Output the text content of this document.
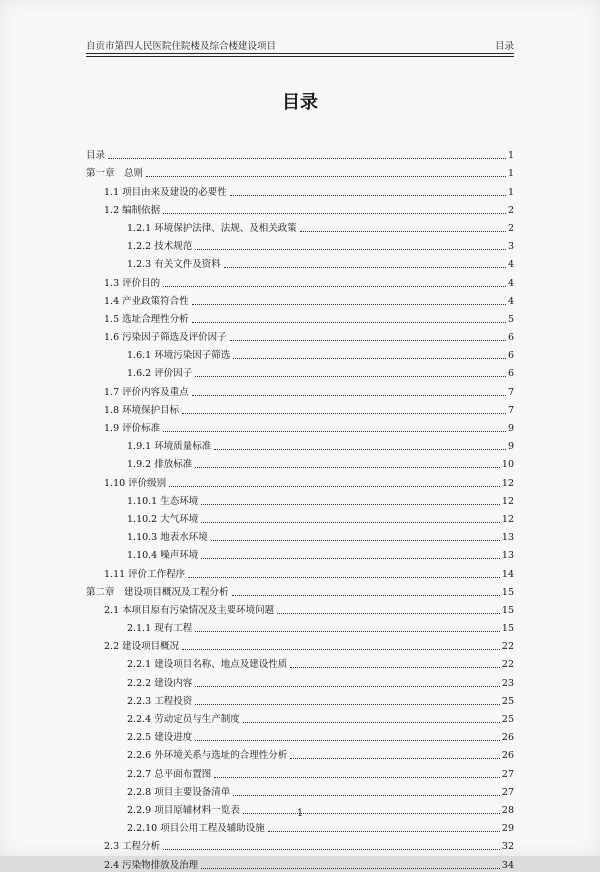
自贡市第四人民医院住院楼及综合楼建设项目	目录
目录
目录	1
第一章　总则	1
1.1 项目由来及建设的必要性	1
1.2 编制依据	2
1.2.1 环境保护法律、法规、及相关政策	2
1.2.2 技术规范	3
1.2.3 有关文件及资料	4
1.3 评价目的	4
1.4 产业政策符合性	4
1.5 选址合理性分析	5
1.6 污染因子筛选及评价因子	6
1.6.1 环境污染因子筛选	6
1.6.2 评价因子	6
1.7 评价内容及重点	7
1.8 环境保护目标	7
1.9 评价标准	9
1.9.1 环境质量标准	9
1.9.2 排放标准	10
1.10 评价级别	12
1.10.1 生态环境	12
1.10.2 大气环境	12
1.10.3 地表水环境	13
1.10.4 噪声环境	13
1.11 评价工作程序	14
第二章　建设项目概况及工程分析	15
2.1 本项目原有污染情况及主要环境问题	15
2.1.1 现有工程	15
2.2 建设项目概况	22
2.2.1 建设项目名称、地点及建设性质	22
2.2.2 建设内容	23
2.2.3 工程投资	25
2.2.4 劳动定员与生产制度	25
2.2.5 建设进度	26
2.2.6 外环境关系与选址的合理性分析	26
2.2.7 总平面布置图	27
2.2.8 项目主要设备清单	27
2.2.9 项目原辅材料一览表	28
2.2.10 项目公用工程及辅助设施	29
2.3 工程分析	32
2.4 污染物排放及治理	34
1
